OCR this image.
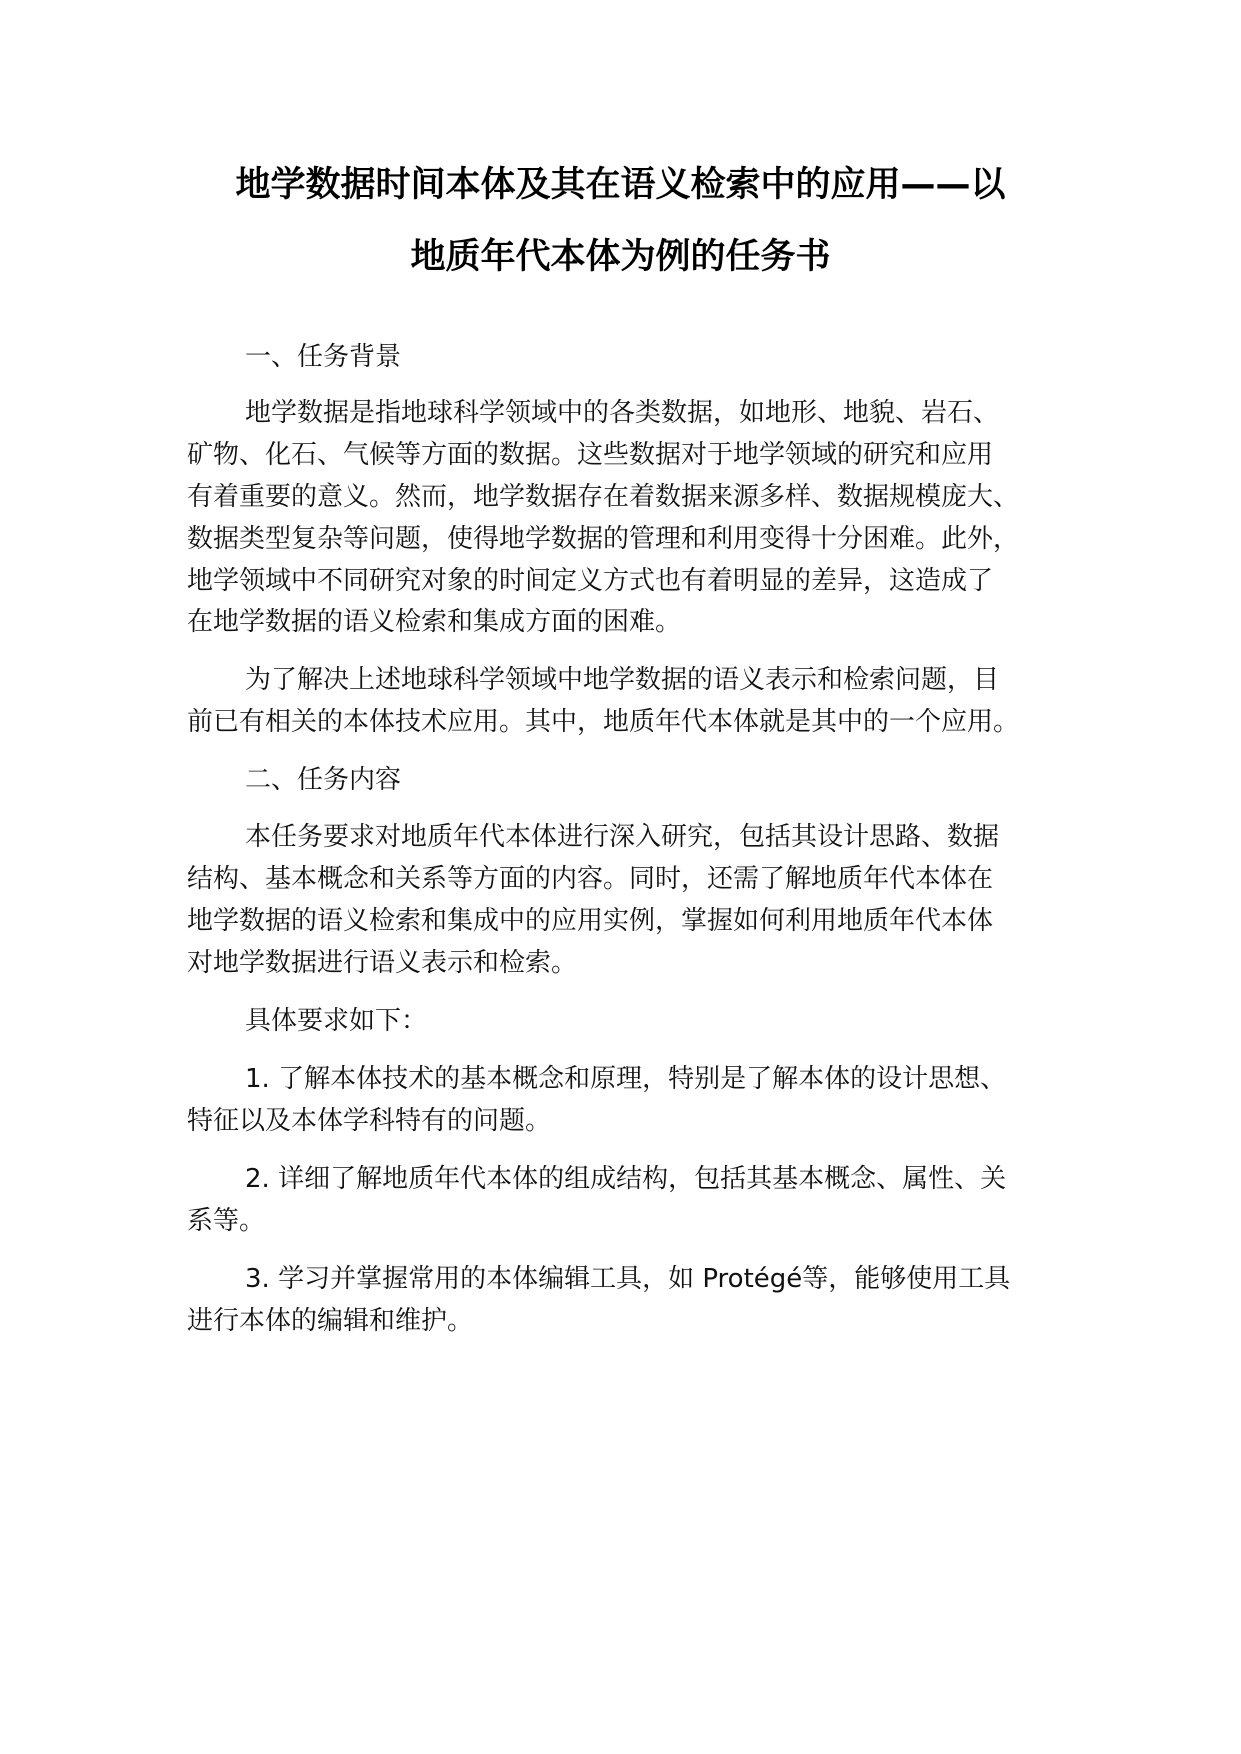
地学数据时间本体及其在语义检索中的应用——以
地质年代本体为例的任务书

一、任务背景

地学数据是指地球科学领域中的各类数据，如地形、地貌、岩石、

矿物、化石、气候等方面的数据。这些数据对于地学领域的研究和应用

有着重要的意义。然而，地学数据存在着数据来源多样、数据规模庞大、

数据类型复杂等问题，使得地学数据的管理和利用变得十分困难。此外，

地学领域中不同研究对象的时间定义方式也有着明显的差异，这造成了

在地学数据的语义检索和集成方面的困难。

为了解决上述地球科学领域中地学数据的语义表示和检索问题，目

前已有相关的本体技术应用。其中，地质年代本体就是其中的一个应用。

二、任务内容

本任务要求对地质年代本体进行深入研究，包括其设计思路、数据

结构、基本概念和关系等方面的内容。同时，还需了解地质年代本体在

地学数据的语义检索和集成中的应用实例，掌握如何利用地质年代本体

对地学数据进行语义表示和检索。

具体要求如下：

1. 了解本体技术的基本概念和原理，特别是了解本体的设计思想、

特征以及本体学科特有的问题。

2. 详细了解地质年代本体的组成结构，包括其基本概念、属性、关

系等。

3. 学习并掌握常用的本体编辑工具，如 Protégé等，能够使用工具

进行本体的编辑和维护。
